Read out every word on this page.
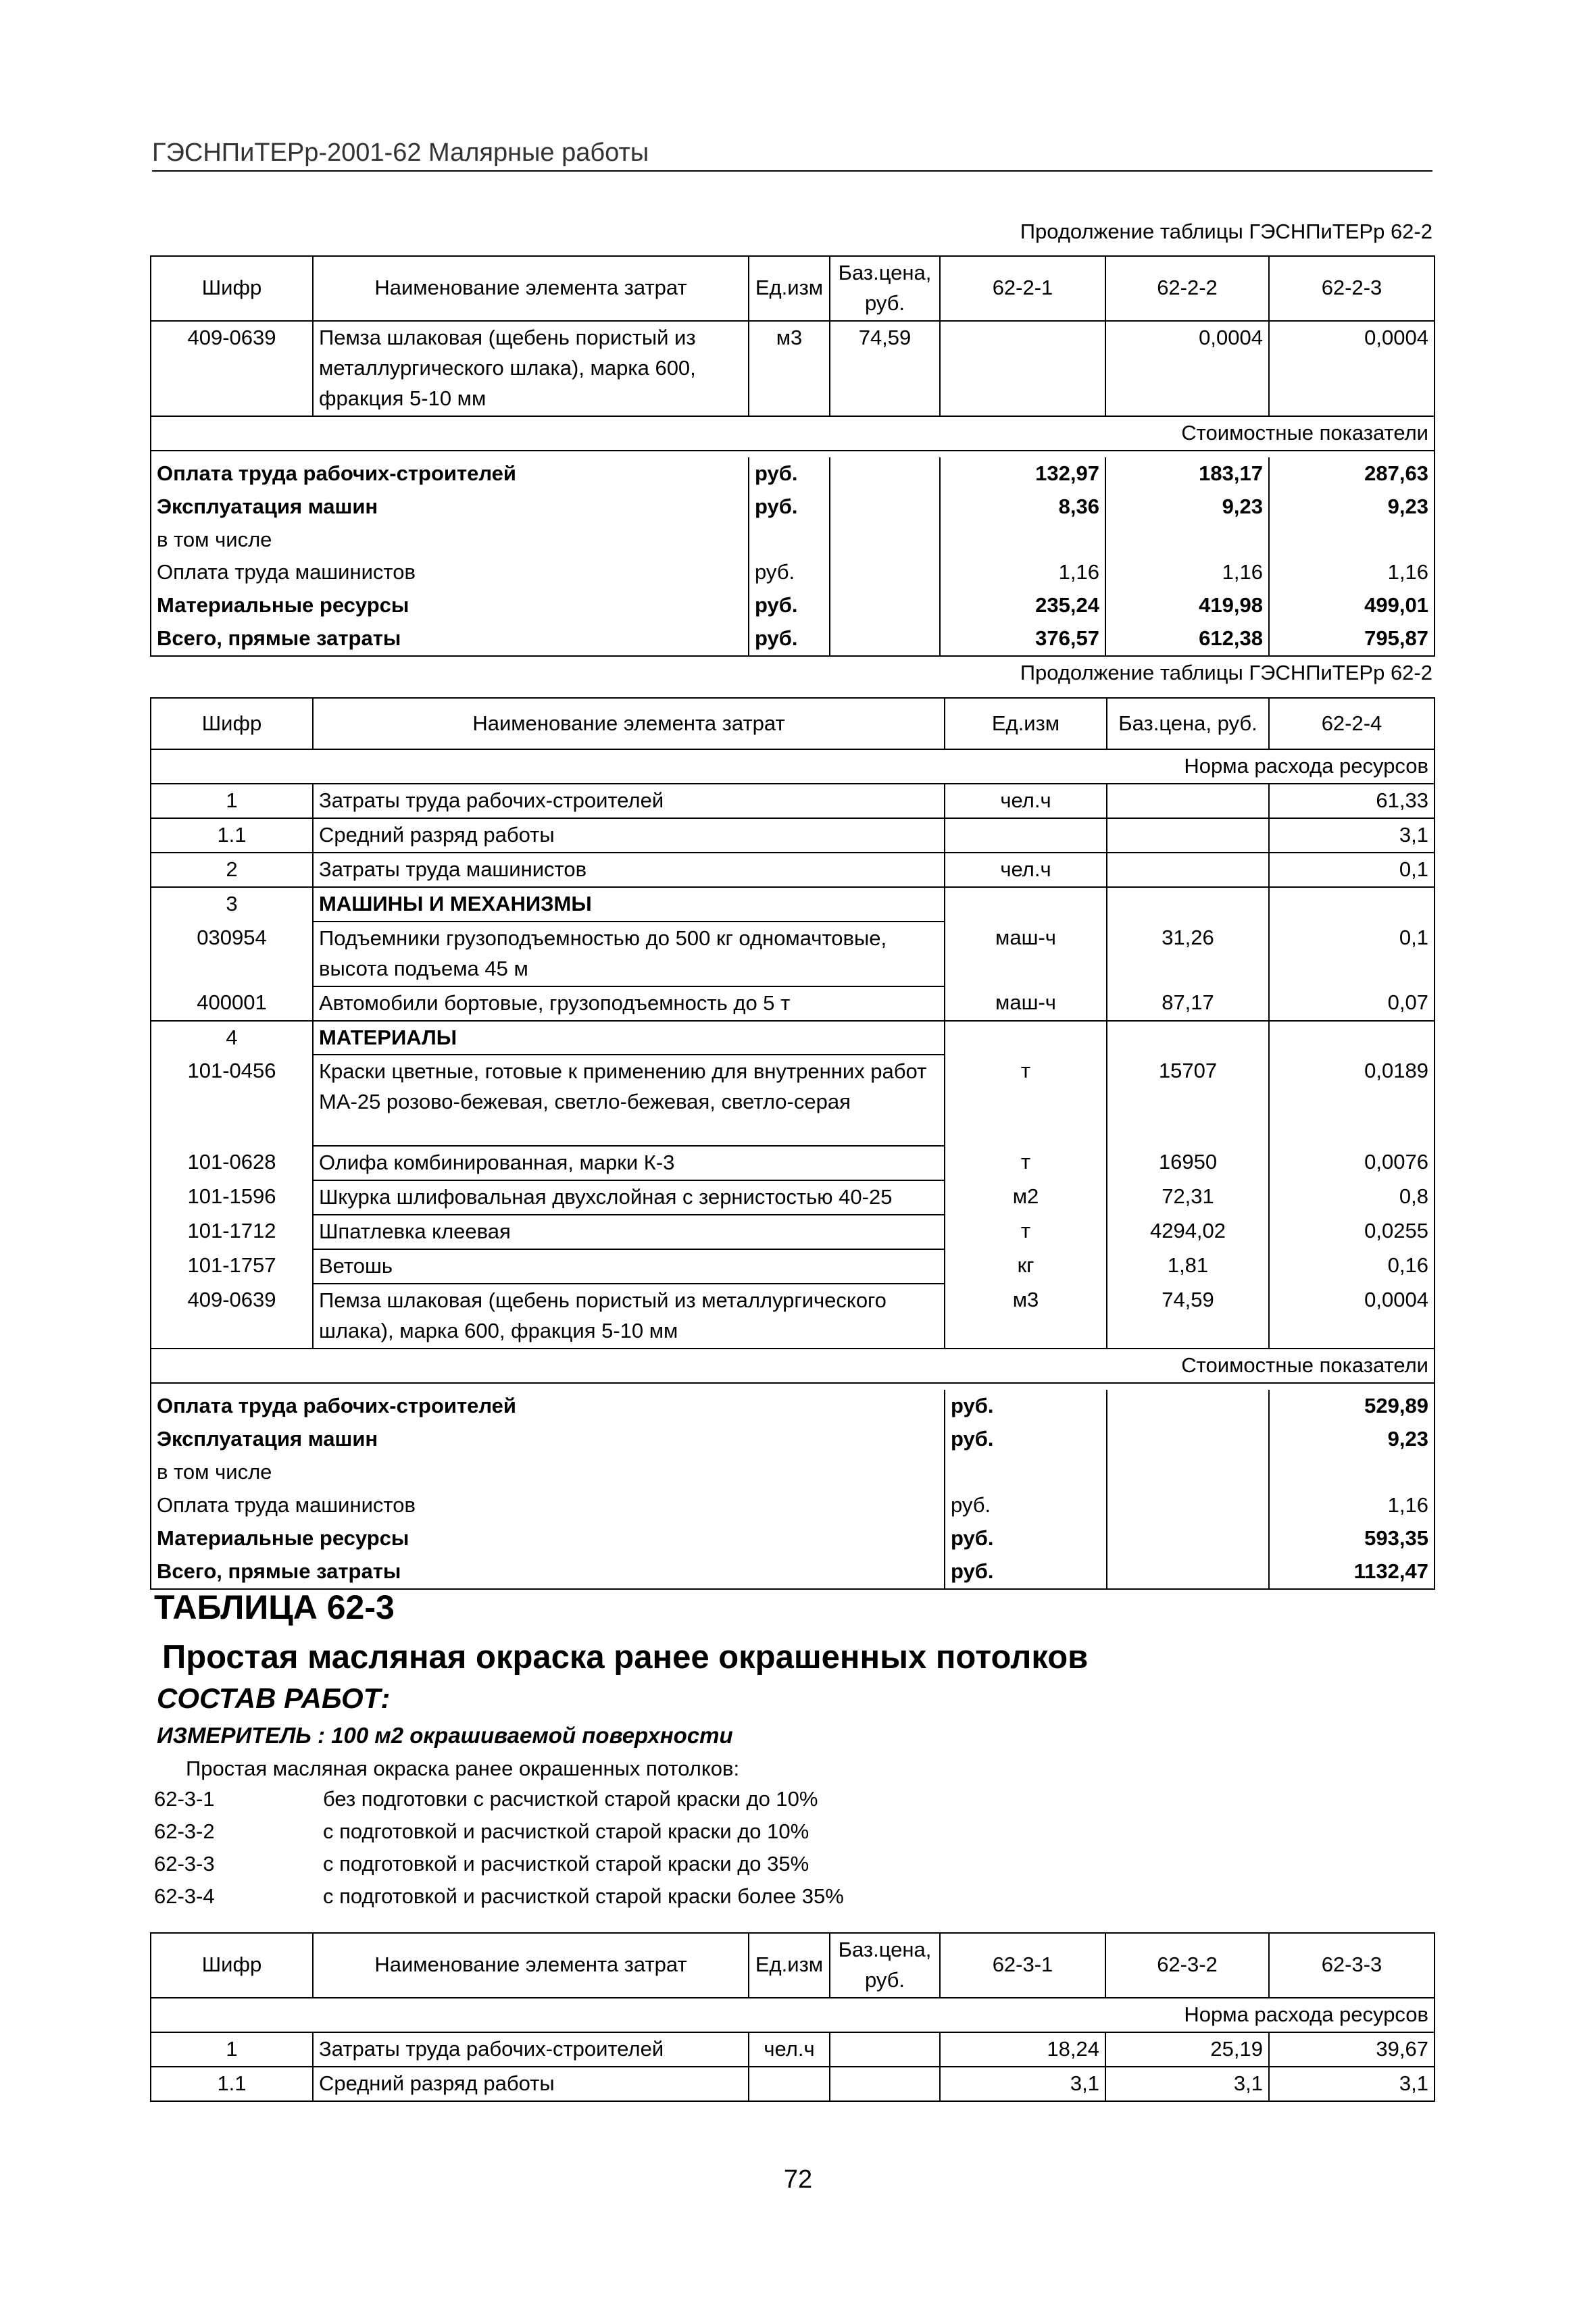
ГЭСНПиТЕРр-2001-62 Малярные работы
Продолжение таблицы ГЭСНПиТЕРр 62-2
Шифр	Наименование элемента затрат	Ед.изм	Баз.цена, руб.	62-2-1	62-2-2	62-2-3
409-0639	Пемза шлаковая (щебень пористый из металлургического шлака), марка 600, фракция 5-10 мм	м3	74,59		0,0004	0,0004
Стоимостные показатели						

Оплата труда рабочих-строителей		руб.		132,97	183,17	287,63
Эксплуатация машин		руб.		8,36	9,23	9,23
в том числе						
Оплата труда машинистов		руб.		1,16	1,16	1,16
Материальные ресурсы		руб.		235,24	419,98	499,01
Всего, прямые затраты		руб.		376,57	612,38	795,87
Продолжение таблицы ГЭСНПиТЕРр 62-2
Шифр	Наименование элемента затрат	Ед.изм	Баз.цена, руб.	62-2-4
Норма расхода ресурсов				
1	Затраты труда рабочих-строителей	чел.ч		61,33
1.1	Средний разряд работы			3,1
2	Затраты труда машинистов	чел.ч		0,1
3	МАШИНЫ И МЕХАНИЗМЫ			
030954	Подъемники грузоподъемностью до 500 кг одномачтовые, высота подъема 45 м	маш-ч	31,26	0,1
400001	Автомобили бортовые, грузоподъемность до 5 т	маш-ч	87,17	0,07
4	МАТЕРИАЛЫ			
101-0456	Краски цветные, готовые к применению для внутренних работ МА-25 розово-бежевая, светло-бежевая, светло-серая	т	15707	0,0189
101-0628	Олифа комбинированная, марки К-3	т	16950	0,0076
101-1596	Шкурка шлифовальная двухслойная с зернистостью 40-25	м2	72,31	0,8
101-1712	Шпатлевка клеевая	т	4294,02	0,0255
101-1757	Ветошь	кг	1,81	0,16
409-0639	Пемза шлаковая (щебень пористый из металлургического шлака), марка 600, фракция 5-10 мм	м3	74,59	0,0004
Стоимостные показатели				

Оплата труда рабочих-строителей		руб.		529,89
Эксплуатация машин		руб.		9,23
в том числе				
Оплата труда машинистов		руб.		1,16
Материальные ресурсы		руб.		593,35
Всего, прямые затраты		руб.		1132,47
ТАБЛИЦА 62-3
Простая масляная окраска ранее окрашенных потолков
СОСТАВ РАБОТ:
ИЗМЕРИТЕЛЬ : 100 м2 окрашиваемой поверхности
Простая масляная окраска ранее окрашенных потолков:
62-3-1	без подготовки с расчисткой старой краски до 10%
62-3-2	с подготовкой и расчисткой старой краски до 10%
62-3-3	с подготовкой и расчисткой старой краски до 35%
62-3-4	с подготовкой и расчисткой старой краски более 35%
Шифр	Наименование элемента затрат	Ед.изм	Баз.цена, руб.	62-3-1	62-3-2	62-3-3
Норма расхода ресурсов						
1	Затраты труда рабочих-строителей	чел.ч		18,24	25,19	39,67
1.1	Средний разряд работы			3,1	3,1	3,1
72
